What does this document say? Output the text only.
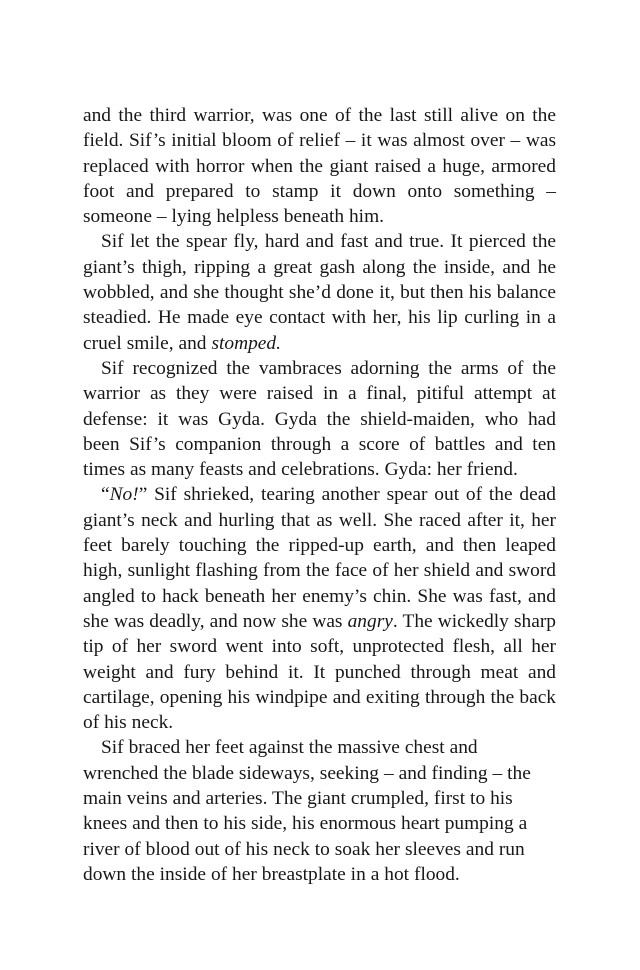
and the third warrior, was one of the last still alive on the field. Sif’s initial bloom of relief – it was almost over – was replaced with horror when the giant raised a huge, armored foot and prepared to stamp it down onto something – someone – lying helpless beneath him.

Sif let the spear fly, hard and fast and true. It pierced the giant’s thigh, ripping a great gash along the inside, and he wobbled, and she thought she’d done it, but then his balance steadied. He made eye contact with her, his lip curling in a cruel smile, and stomped.

Sif recognized the vambraces adorning the arms of the warrior as they were raised in a final, pitiful attempt at defense: it was Gyda. Gyda the shield-maiden, who had been Sif’s companion through a score of battles and ten times as many feasts and celebrations. Gyda: her friend.

“No!” Sif shrieked, tearing another spear out of the dead giant’s neck and hurling that as well. She raced after it, her feet barely touching the ripped-up earth, and then leaped high, sunlight flashing from the face of her shield and sword angled to hack beneath her enemy’s chin. She was fast, and she was deadly, and now she was angry. The wickedly sharp tip of her sword went into soft, unprotected flesh, all her weight and fury behind it. It punched through meat and cartilage, opening his windpipe and exiting through the back of his neck.

Sif braced her feet against the massive chest and wrenched the blade sideways, seeking – and finding – the main veins and arteries. The giant crumpled, first to his knees and then to his side, his enormous heart pumping a river of blood out of his neck to soak her sleeves and run down the inside of her breastplate in a hot flood.
